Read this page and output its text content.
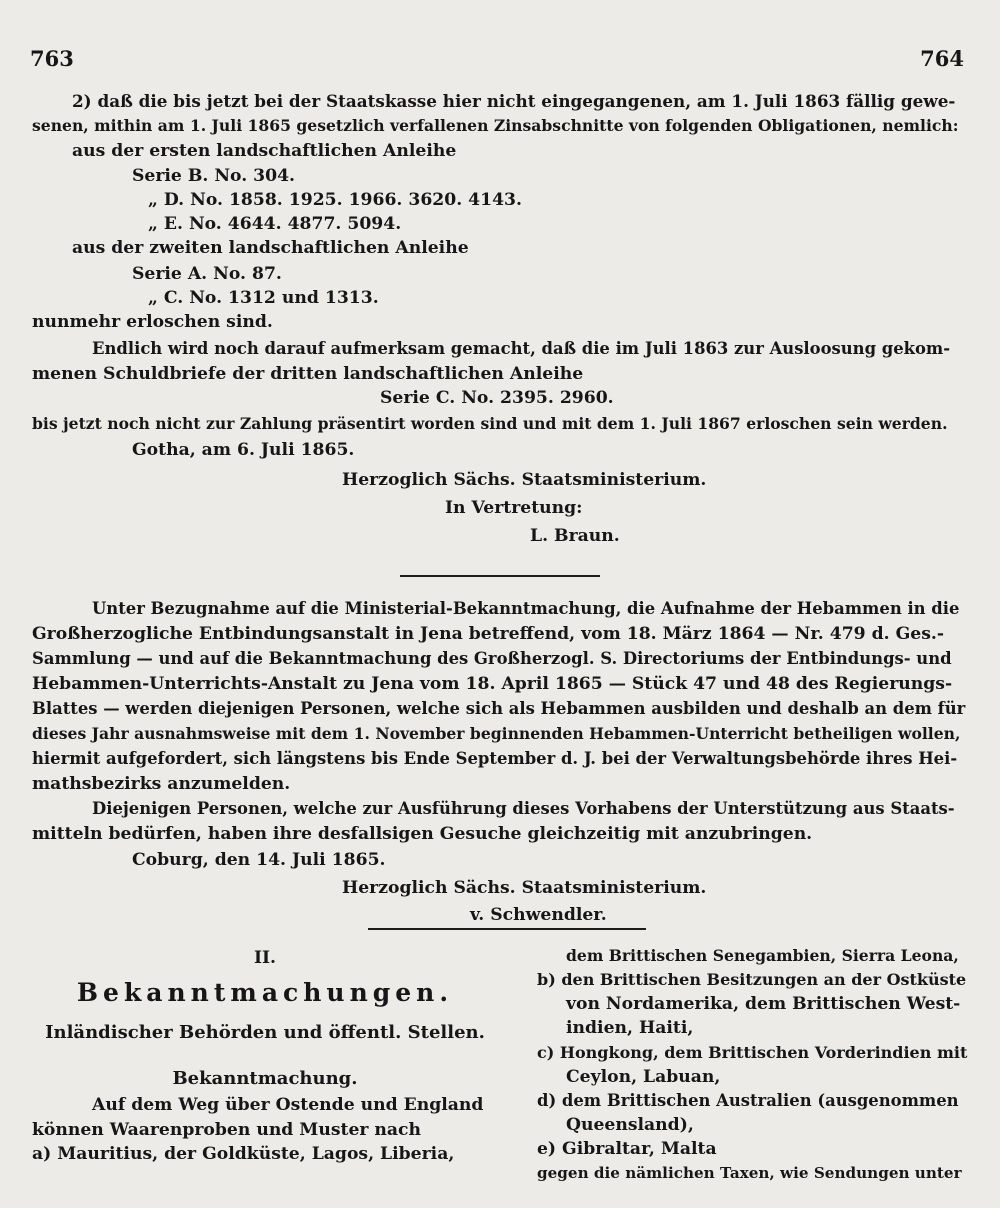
763	764
2) daß die bis jetzt bei der Staatskasse hier nicht eingegangenen, am 1. Juli 1863 fällig gewe-
senen, mithin am 1. Juli 1865 gesetzlich verfallenen Zinsabschnitte von folgenden Obligationen, nemlich:
aus der ersten landschaftlichen Anleihe
Serie B. No. 304.
„ D. No. 1858. 1925. 1966. 3620. 4143.
„ E. No. 4644. 4877. 5094.
aus der zweiten landschaftlichen Anleihe
Serie A. No. 87.
„ C. No. 1312 und 1313.
nunmehr erloschen sind.
Endlich wird noch darauf aufmerksam gemacht, daß die im Juli 1863 zur Ausloosung gekom-
menen Schuldbriefe der dritten landschaftlichen Anleihe
Serie C. No. 2395. 2960.
bis jetzt noch nicht zur Zahlung präsentirt worden sind und mit dem 1. Juli 1867 erloschen sein werden.
Gotha, am 6. Juli 1865.
Herzoglich Sächs. Staatsministerium.
In Vertretung:
L. Braun.
Unter Bezugnahme auf die Ministerial-Bekanntmachung, die Aufnahme der Hebammen in die
Großherzogliche Entbindungsanstalt in Jena betreffend, vom 18. März 1864 — Nr. 479 d. Ges.-
Sammlung — und auf die Bekanntmachung des Großherzogl. S. Directoriums der Entbindungs- und
Hebammen-Unterrichts-Anstalt zu Jena vom 18. April 1865 — Stück 47 und 48 des Regierungs-
Blattes — werden diejenigen Personen, welche sich als Hebammen ausbilden und deshalb an dem für
dieses Jahr ausnahmsweise mit dem 1. November beginnenden Hebammen-Unterricht betheiligen wollen,
hiermit aufgefordert, sich längstens bis Ende September d. J. bei der Verwaltungsbehörde ihres Hei-
mathsbezirks anzumelden.
Diejenigen Personen, welche zur Ausführung dieses Vorhabens der Unterstützung aus Staats-
mitteln bedürfen, haben ihre desfallsigen Gesuche gleichzeitig mit anzubringen.
Coburg, den 14. Juli 1865.
Herzoglich Sächs. Staatsministerium.
v. Schwendler.
II.
Bekanntmachungen.
Inländischer Behörden und öffentl. Stellen.
Bekanntmachung.
Auf dem Weg über Ostende und England
können Waarenproben und Muster nach
a) Mauritius, der Goldküste, Lagos, Liberia,
dem Brittischen Senegambien, Sierra Leona,
b) den Brittischen Besitzungen an der Ostküste
von Nordamerika, dem Brittischen West-
indien, Haiti,
c) Hongkong, dem Brittischen Vorderindien mit
Ceylon, Labuan,
d) dem Brittischen Australien (ausgenommen
Queensland),
e) Gibraltar, Malta
gegen die nämlichen Taxen, wie Sendungen unter
